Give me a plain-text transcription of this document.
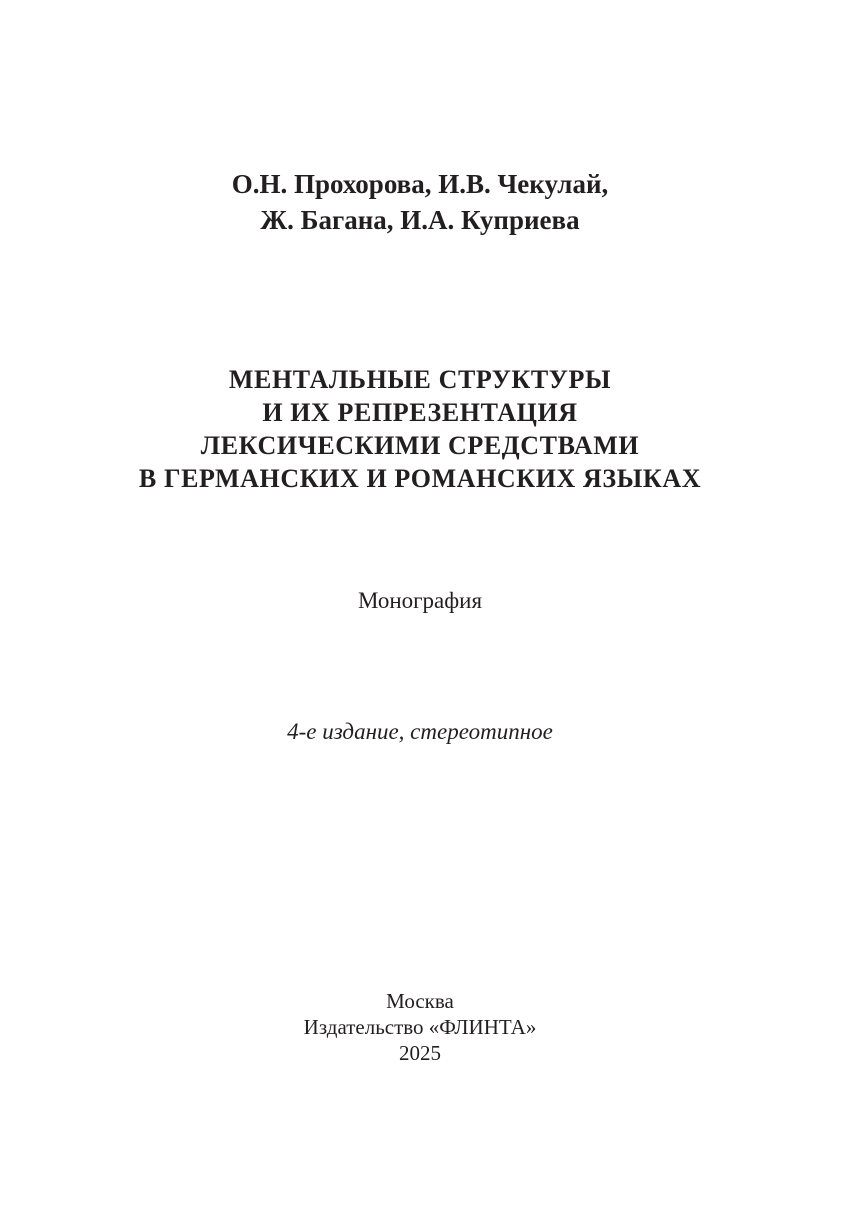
О.Н. Прохорова, И.В. Чекулай,
Ж. Багана, И.А. Куприева
МЕНТАЛЬНЫЕ СТРУКТУРЫ
И ИХ РЕПРЕЗЕНТАЦИЯ
ЛЕКСИЧЕСКИМИ СРЕДСТВАМИ
В ГЕРМАНСКИХ И РОМАНСКИХ ЯЗЫКАХ
Монография
4-е издание, стереотипное
Москва
Издательство «ФЛИНТА»
2025
